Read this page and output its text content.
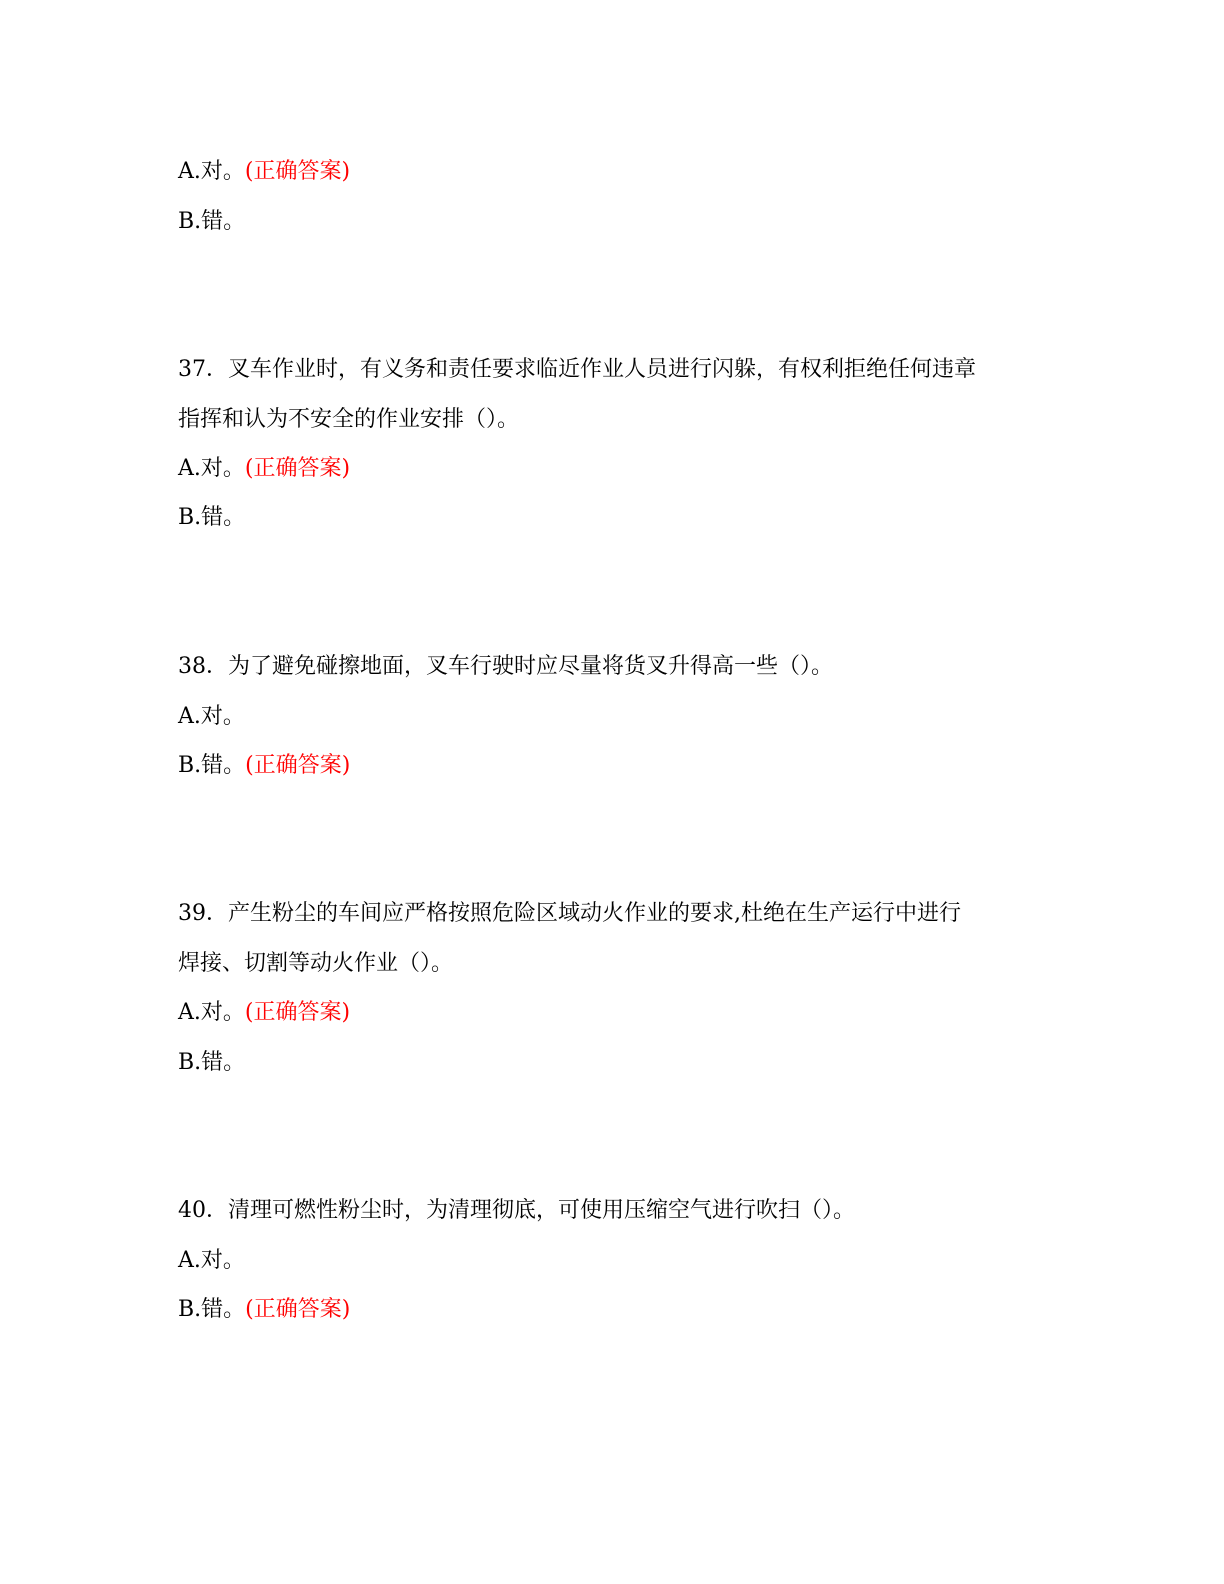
A.对。(正确答案)
B.错。
37．叉车作业时，有义务和责任要求临近作业人员进行闪躲，有权利拒绝任何违章
指挥和认为不安全的作业安排（）。
A.对。(正确答案)
B.错。
38．为了避免碰擦地面，叉车行驶时应尽量将货叉升得高一些（）。
A.对。
B.错。(正确答案)
39．产生粉尘的车间应严格按照危险区域动火作业的要求,杜绝在生产运行中进行
焊接、切割等动火作业（）。
A.对。(正确答案)
B.错。
40．清理可燃性粉尘时，为清理彻底，可使用压缩空气进行吹扫（）。
A.对。
B.错。(正确答案)
